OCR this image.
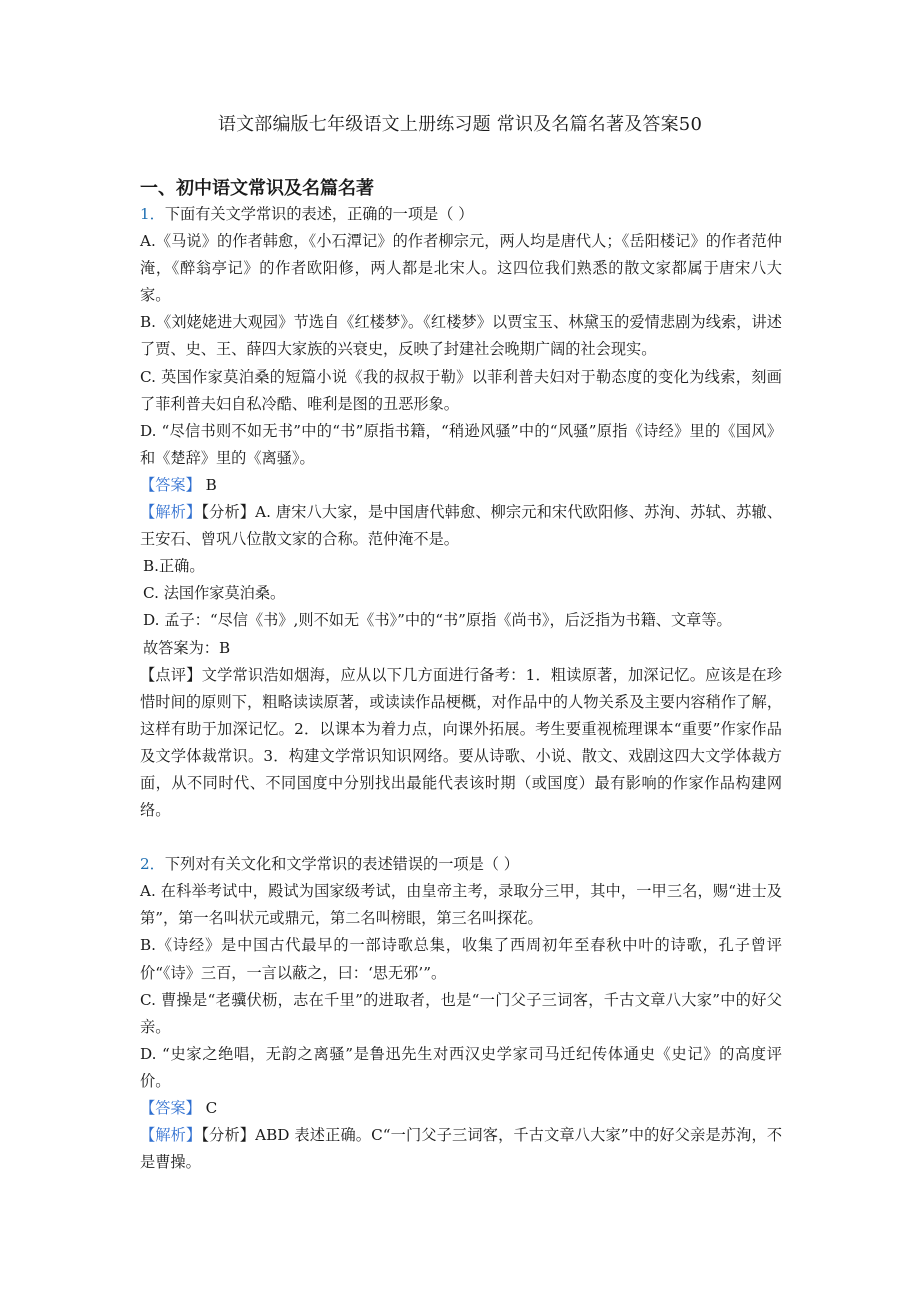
语文部编版七年级语文上册练习题 常识及名篇名著及答案50
一、初中语文常识及名篇名著

1．下面有关文学常识的表述，正确的一项是（ ）

A.《马说》的作者韩愈，《小石潭记》的作者柳宗元，两人均是唐代人；《岳阳楼记》的作者范仲淹，《醉翁亭记》的作者欧阳修，两人都是北宋人。这四位我们熟悉的散文家都属于唐宋八大家。

B.《刘姥姥进大观园》节选自《红楼梦》。《红楼梦》以贾宝玉、林黛玉的爱情悲剧为线索，讲述了贾、史、王、薛四大家族的兴衰史，反映了封建社会晚期广阔的社会现实。

C. 英国作家莫泊桑的短篇小说《我的叔叔于勒》以菲利普夫妇对于勒态度的变化为线索，刻画了菲利普夫妇自私冷酷、唯利是图的丑恶形象。

D. “尽信书则不如无书”中的“书”原指书籍，“稍逊风骚”中的“风骚”原指《诗经》里的《国风》和《楚辞》里的《离骚》。

【答案】 B

【解析】【分析】A. 唐宋八大家，是中国唐代韩愈、柳宗元和宋代欧阳修、苏洵、苏轼、苏辙、王安石、曾巩八位散文家的合称。范仲淹不是。

B.正确。

C. 法国作家莫泊桑。

D. 孟子：“尽信《书》,则不如无《书》”中的“书”原指《尚书》，后泛指为书籍、文章等。

故答案为：B

【点评】文学常识浩如烟海，应从以下几方面进行备考：1．粗读原著，加深记忆。应该是在珍惜时间的原则下，粗略读读原著，或读读作品梗概，对作品中的人物关系及主要内容稍作了解，这样有助于加深记忆。2．以课本为着力点，向课外拓展。考生要重视梳理课本“重要”作家作品及文学体裁常识。3．构建文学常识知识网络。要从诗歌、小说、散文、戏剧这四大文学体裁方面，从不同时代、不同国度中分别找出最能代表该时期（或国度）最有影响的作家作品构建网络。

2．下列对有关文化和文学常识的表述错误的一项是（ ）

A. 在科举考试中，殿试为国家级考试，由皇帝主考，录取分三甲，其中，一甲三名，赐“进士及第”，第一名叫状元或鼎元，第二名叫榜眼，第三名叫探花。

B.《诗经》是中国古代最早的一部诗歌总集，收集了西周初年至春秋中叶的诗歌，孔子曾评价“《诗》三百，一言以蔽之，曰：‘思无邪’”。

C. 曹操是“老骥伏枥，志在千里”的进取者，也是“一门父子三词客，千古文章八大家”中的好父亲。

D. “史家之绝唱，无韵之离骚”是鲁迅先生对西汉史学家司马迁纪传体通史《史记》的高度评价。

【答案】 C

【解析】【分析】ABD 表述正确。C“一门父子三词客，千古文章八大家”中的好父亲是苏洵，不是曹操。
